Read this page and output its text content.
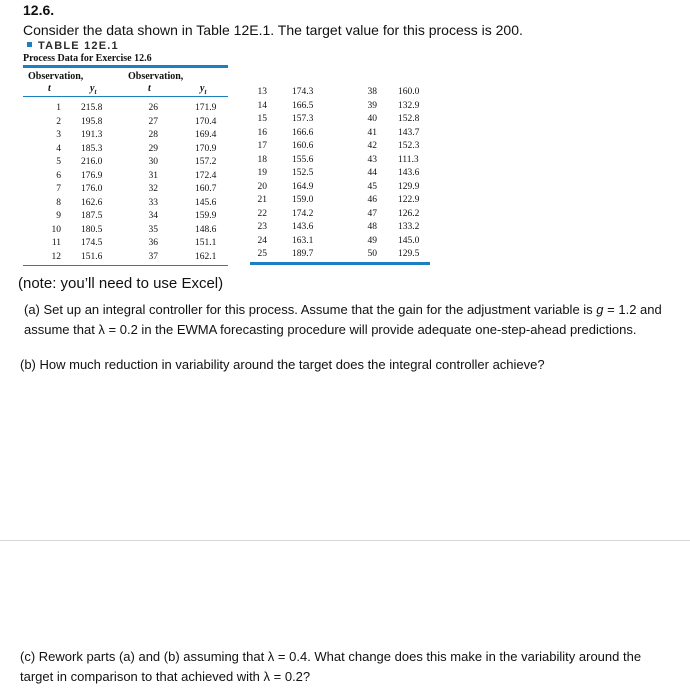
12.6.
Consider the data shown in Table 12E.1. The target value for this process is 200.
TABLE 12E.1
Process Data for Exercise 12.6
Observation,
t	$y_t$
Observation,
t	$y_t$
1 215.8	26	171.9
2 195.8	27	170.4
3 191.3	28	169.4
4 185.3	29	170.9
5 216.0	30	157.2
6 176.9	31	172.4
7 176.0	32	160.7
8 162.6	33	145.6
9 187.5	34	159.9
10 180.5	35	148.6
11 174.5	36	151.1
12 151.6	37	162.1
13	174.3	38 160.0
14	166.5	39 132.9
15	157.3	40 152.8
16	166.6	41 143.7
17	160.6	42 152.3
18	155.6	43 111.3
19	152.5	44 143.6
20	164.9	45 129.9
21	159.0	46 122.9
22	174.2	47 126.2
23	143.6	48 133.2
24	163.1	49 145.0
25	189.7	50 129.5
(note: you’ll need to use Excel)
(a) Set up an integral controller for this process. Assume that the gain for the adjustment variable is g = 1.2 and
assume that λ = 0.2 in the EWMA forecasting procedure will provide adequate one-step-ahead predictions.
(b) How much reduction in variability around the target does the integral controller achieve?
(c) Rework parts (a) and (b) assuming that λ = 0.4. What change does this make in the variability around the
target in comparison to that achieved with λ = 0.2?
